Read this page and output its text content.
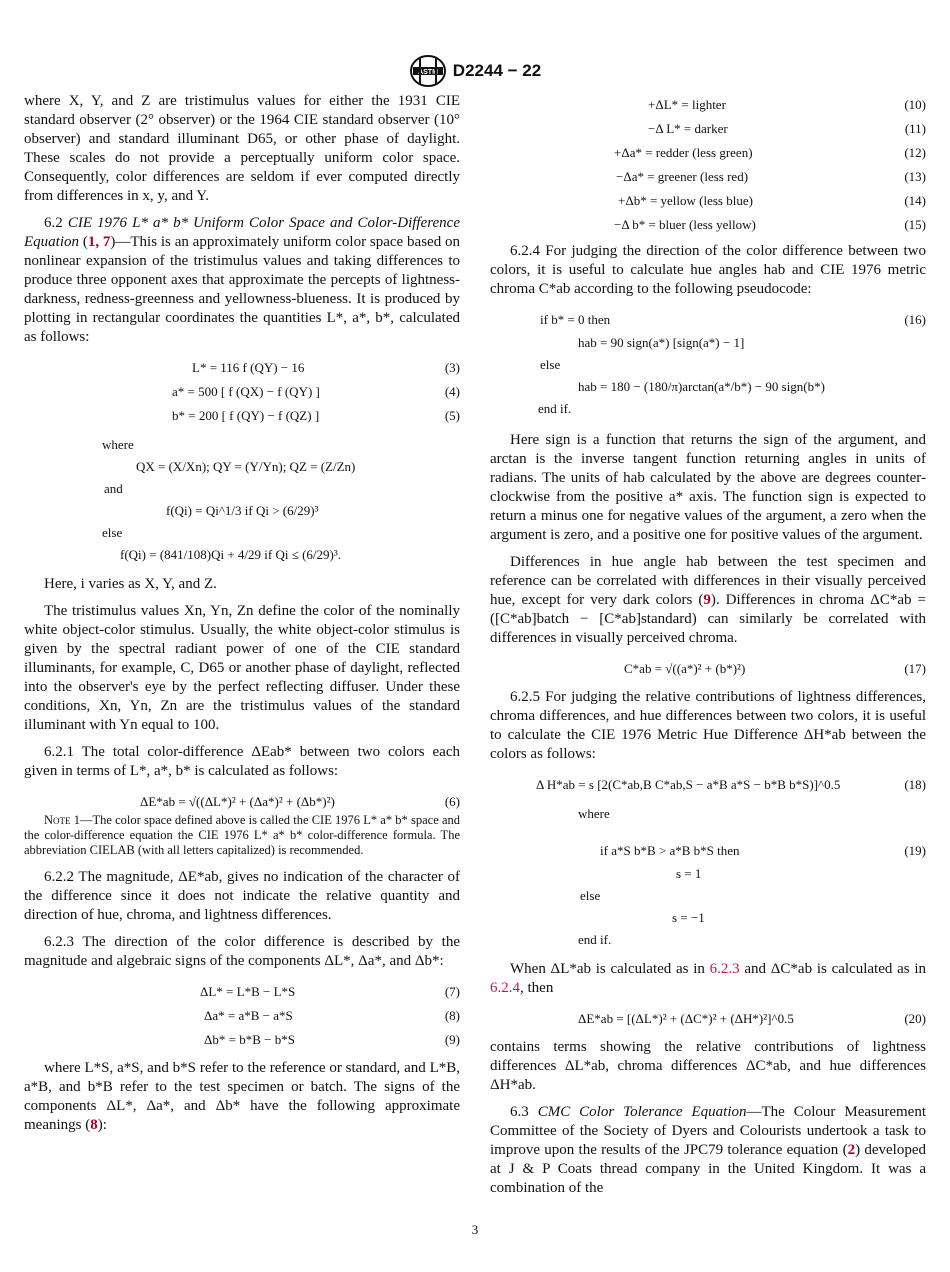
ASTM D2244 − 22

where X, Y, and Z are tristimulus values for either the 1931 CIE standard observer (2° observer) or the 1964 CIE standard observer (10° observer) and standard illuminant D65, or other phase of daylight. These scales do not provide a perceptually uniform color space. Consequently, color differences are seldom if ever computed directly from differences in x, y, and Y.

6.2 CIE 1976 L* a* b* Uniform Color Space and Color-Difference Equation (1, 7)—This is an approximately uniform color space based on nonlinear expansion of the tristimulus values and taking differences to produce three opponent axes that approximate the percepts of lightness-darkness, redness-greenness and yellowness-blueness. It is produced by plotting in rectangular coordinates the quantities L*, a*, b*, calculated as follows:

L* = 116 f (QY) − 16	(3)
a* = 500 [ f (QX) − f (QY) ]	(4)
b* = 200 [ f (QY) − f (QZ) ]	(5)
where
QX = (X/Xn); QY = (Y/Yn); QZ = (Z/Zn)
and
f(Qi) = Qi^1/3 if Qi > (6/29)³
else
f(Qi) = (841/108)Qi + 4/29 if Qi ≤ (6/29)³.

Here, i varies as X, Y, and Z.

The tristimulus values Xn, Yn, Zn define the color of the nominally white object-color stimulus. Usually, the white object-color stimulus is given by the spectral radiant power of one of the CIE standard illuminants, for example, C, D65 or another phase of daylight, reflected into the observer's eye by the perfect reflecting diffuser. Under these conditions, Xn, Yn, Zn are the tristimulus values of the standard illuminant with Yn equal to 100.

6.2.1 The total color-difference ΔEab* between two colors each given in terms of L*, a*, b* is calculated as follows:

ΔE*ab = √((ΔL*)² + (Δa*)² + (Δb*)²)	(6)

Note 1—The color space defined above is called the CIE 1976 L* a* b* space and the color-difference equation the CIE 1976 L* a* b* color-difference formula. The abbreviation CIELAB (with all letters capitalized) is recommended.

6.2.2 The magnitude, ΔE*ab, gives no indication of the character of the difference since it does not indicate the relative quantity and direction of hue, chroma, and lightness differences.

6.2.3 The direction of the color difference is described by the magnitude and algebraic signs of the components ΔL*, Δa*, and Δb*:

ΔL* = L*B − L*S	(7)
Δa* = a*B − a*S	(8)
Δb* = b*B − b*S	(9)

where L*S, a*S, and b*S refer to the reference or standard, and L*B, a*B, and b*B refer to the test specimen or batch. The signs of the components ΔL*, Δa*, and Δb* have the following approximate meanings (8):

+ΔL* = lighter	(10)
−Δ L* = darker	(11)
+Δa* = redder (less green)	(12)
−Δa* = greener (less red)	(13)
+Δb* = yellow (less blue)	(14)
−Δ b* = bluer (less yellow)	(15)

6.2.4 For judging the direction of the color difference between two colors, it is useful to calculate hue angles hab and CIE 1976 metric chroma C*ab according to the following pseudocode:

if b* = 0 then	(16)
hab = 90 sign(a*) [sign(a*) − 1]
else
hab = 180 − (180/π)arctan(a*/b*) − 90 sign(b*)
end if.

Here sign is a function that returns the sign of the argument, and arctan is the inverse tangent function returning angles in units of radians. The units of hab calculated by the above are degrees counter-clockwise from the positive a* axis. The function sign is expected to return a minus one for negative values of the argument, a zero when the argument is zero, and a positive one for positive values of the argument.

Differences in hue angle hab between the test specimen and reference can be correlated with differences in their visually perceived hue, except for very dark colors (9). Differences in chroma ΔC*ab = ([C*ab]batch − [C*ab]standard) can similarly be correlated with differences in visually perceived chroma.

C*ab = √((a*)² + (b*)²)	(17)

6.2.5 For judging the relative contributions of lightness differences, chroma differences, and hue differences between two colors, it is useful to calculate the CIE 1976 Metric Hue Difference ΔH*ab between the colors as follows:

Δ H*ab = s [2(C*ab,B C*ab,S − a*B a*S − b*B b*S)]^0.5	(18)
where
if a*S b*B > a*B b*S then	(19)
s = 1
else
s = −1
end if.

When ΔL*ab is calculated as in 6.2.3 and ΔC*ab is calculated as in 6.2.4, then

ΔE*ab = [(ΔL*)² + (ΔC*)² + (ΔH*)²]^0.5	(20)

contains terms showing the relative contributions of lightness differences ΔL*ab, chroma differences ΔC*ab, and hue differences ΔH*ab.

6.3 CMC Color Tolerance Equation—The Colour Measurement Committee of the Society of Dyers and Colourists undertook a task to improve upon the results of the JPC79 tolerance equation (2) developed at J & P Coats thread company in the United Kingdom. It was a combination of the

3
